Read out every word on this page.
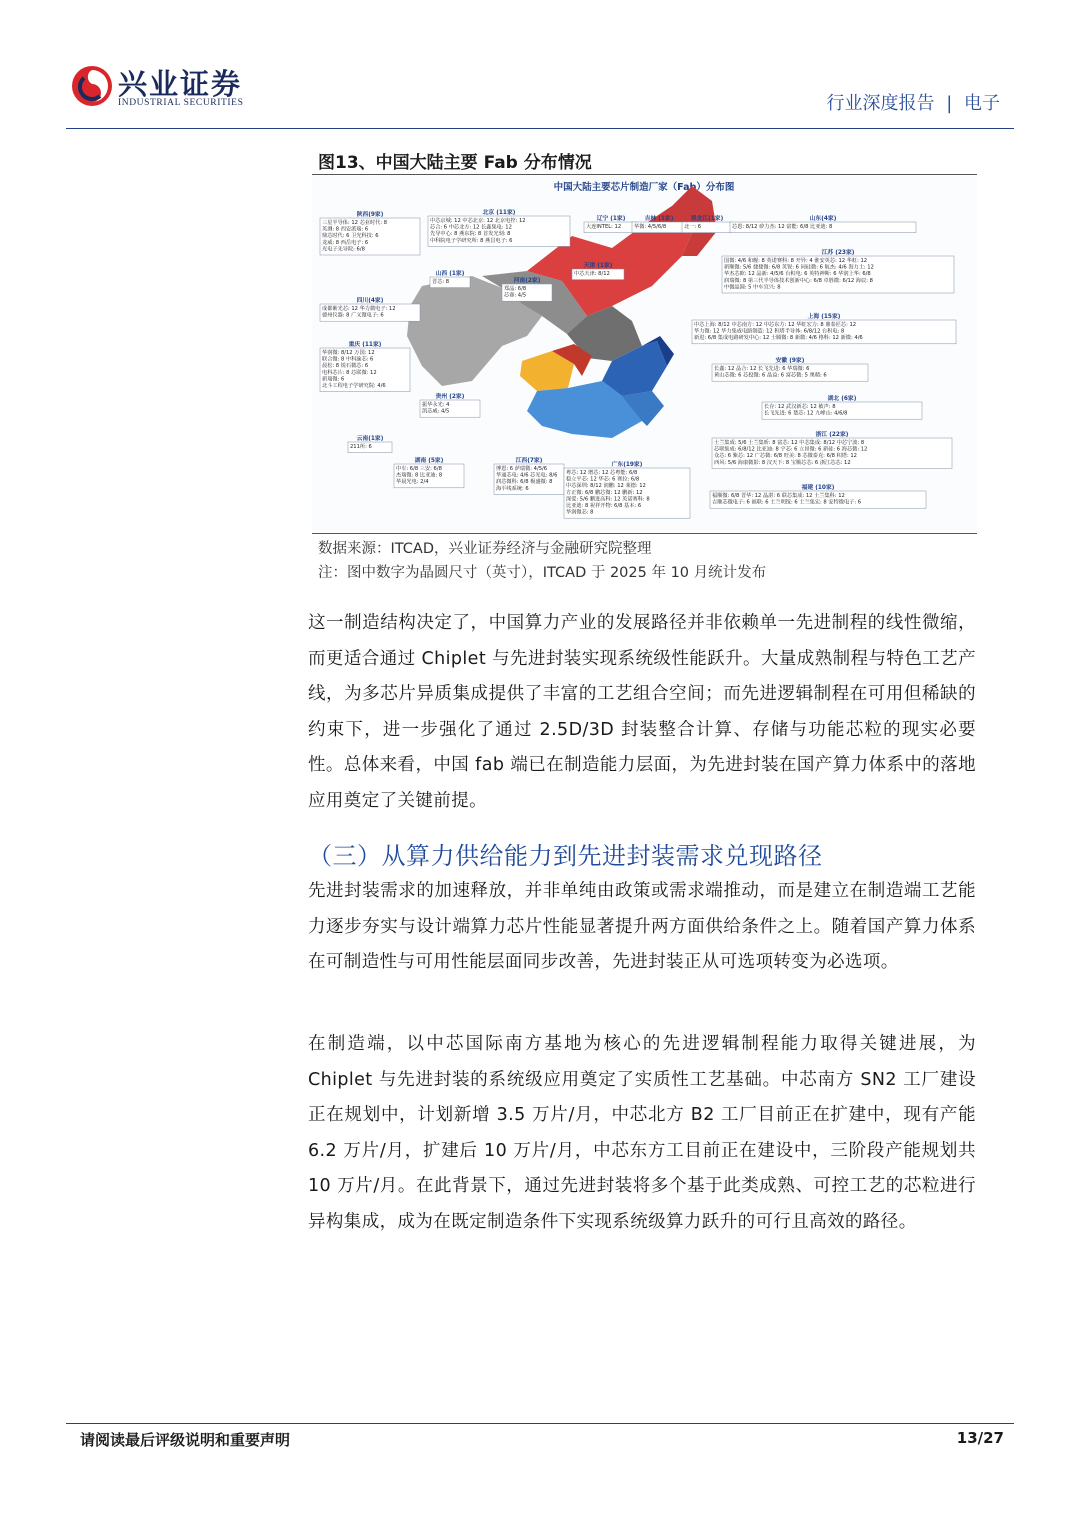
兴业证券
INDUSTRIAL SECURITIES	行业深度报告 | 电子
图13、中国大陆主要 Fab 分布情况
中国大陆主要芯片制造厂家（Fab）分布图
陕西(9家)
三星半导体: 12 芯业时代: 8
英测: 8 西安派瑞: 6
鼎芯时代: 6 卫光科技: 6
龙威: 8 西岳电子: 6
光电子先导院: 6/8
北京 (11家)
中芯京城: 12 中芯北京: 12 北京电控: 12
芯合: 6 中芯北方: 12 长鑫集电: 12
先导中心: 8 燕东院: 8 首发光刻: 8
中科院电子学研究所: 8 燕昌电子: 6
辽宁 (1家)
大连INTEL: 12
吉林 (1家)
华微: 4/5/6/8
黑龙江(1家)
北一: 6
山东(4家)
芯恩: 8/12 矽力杰: 12 富能: 6/8 比亚迪: 8
山西 (1家)
晋芯: 8	河南(2家)
郑晶: 6/8
芯睿: 4/5
天津 (1家)
中芯天津: 8/12
江苏 (23家)
国微: 4/6 和舰: 8 英诺赛科: 8 开异: 4 淮安英芯: 12 华虹: 12
新顺微: 5/6 捷捷微: 6/8 英锐: 6 同硅微: 6 航杰: 4/6 海力士: 12
华杰芯欧: 12 晶新: 4/5/6 台积电: 6 英特神斯: 6 华润上华: 6/8
润瑞微: 8 第三代半导体技术创新中心: 6/8 卓胜微: 6/12 海辰: 8
中微晶圆: 5 中车宜兴: 8
四川(4家)
成都紫光芯: 12 华力微电子: 12
德州仪器: 8 广义微电子: 6	上海 (15家)
中芯上海: 8/12 中芯南方: 12 中芯东方: 12 华虹宏力: 8 鼎泰匠芯: 12
华力微: 12 华力集成电路制造: 12 积塔半导体: 6/8/12 台积电: 8
新进: 6/8 集成电路研发中心: 12 士腾微: 8 新微: 4/6 格科: 12 新微: 4/6
重庆 (11家)
华润微: 8/12 万国: 12
联合微: 8 中科渝芯: 6
晨松: 8 锐石微芯: 6
电科芯片: 8 芯联微: 12
新瑞微: 6
北斗工程电子学研究院: 4/6
安徽 (9家)
长鑫: 12 晶合: 12 长飞先进: 6 华瑞微: 6
黄山芯微: 6 芯投微: 6 晶益: 6 富芯微: 5 奥精: 6
贵州 (2家)
振华永光: 4
凯芯威: 4/5
湖北 (6家)
长存: 12 武汉新芯: 12 敏声: 8
长飞先进: 6 楚芯: 12 九峰山: 4/6/8
云南(1家)
211所: 6
浙江 (22家)
士兰集成: 5/6 士兰集昕: 8 富芯: 12 中芯集成: 8/12 中芯宁波: 8
芯联集成: 6/8/12 比亚迪: 8 宇芯: 6 立昂微: 6 新硅: 6 海芯微: 12
众芯: 6 紫芯: 12 广芯微: 6/8 旺美: 8 芯微泰克: 6/8 积塔: 12
西风: 5/6 海康微影: 8 汉天下: 8 宝顺芯芯: 6 浙江芯芯: 12
湖南 (5家)
中车: 6/8 三安: 6/8
杰瑞微: 8 比亚迪: 8
华晨光电: 2/4
江西(7家)
博恩: 6 萨瑞微: 4/5/6
华通芯电: 4/6 芯光电: 8/6
润芯微科: 6/8 极盛微: 8
海平线系统: 6
广东(19家)
粤芯: 12 增芯: 12 芯粤能: 6/8
稳立平芯: 12 华芯: 6 赛拉: 6/8
中芯深圳: 8/12 润鹏: 12 莱德: 12
方正微: 6/8 鹏芯微: 12 鹏新: 12
深爱: 5/6 鹏进高科: 12 英诺赛科: 8
比亚迪: 8 祝祥开物: 6/8 基本: 6
华润微芯: 8
福建 (10家)
福顺微: 6/8 晋华: 12 晶湛: 6 联芯集成: 12 士兰集科: 12
吉顺芯微电子: 6 福联: 6 士兰明镓: 6 士兰集宏: 8 安特微电子: 6
数据来源：ITCAD，兴业证券经济与金融研究院整理
注：图中数字为晶圆尺寸（英寸），ITCAD 于 2025 年 10 月统计发布
这一制造结构决定了，中国算力产业的发展路径并非依赖单一先进制程的线性微缩，而更适合通过 Chiplet 与先进封装实现系统级性能跃升。大量成熟制程与特色工艺产线，为多芯片异质集成提供了丰富的工艺组合空间；而先进逻辑制程在可用但稀缺的约束下，进一步强化了通过 2.5D/3D 封装整合计算、存储与功能芯粒的现实必要性。总体来看，中国 fab 端已在制造能力层面，为先进封装在国产算力体系中的落地应用奠定了关键前提。
（三）从算力供给能力到先进封装需求兑现路径
先进封装需求的加速释放，并非单纯由政策或需求端推动，而是建立在制造端工艺能力逐步夯实与设计端算力芯片性能显著提升两方面供给条件之上。随着国产算力体系在可制造性与可用性能层面同步改善，先进封装正从可选项转变为必选项。
在制造端，以中芯国际南方基地为核心的先进逻辑制程能力取得关键进展，为 Chiplet 与先进封装的系统级应用奠定了实质性工艺基础。中芯南方 SN2 工厂建设正在规划中，计划新增 3.5 万片/月，中芯北方 B2 工厂目前正在扩建中，现有产能 6.2 万片/月，扩建后 10 万片/月，中芯东方工目前正在建设中，三阶段产能规划共 10 万片/月。在此背景下，通过先进封装将多个基于此类成熟、可控工艺的芯粒进行异构集成，成为在既定制造条件下实现系统级算力跃升的可行且高效的路径。
请阅读最后评级说明和重要声明	13/27
